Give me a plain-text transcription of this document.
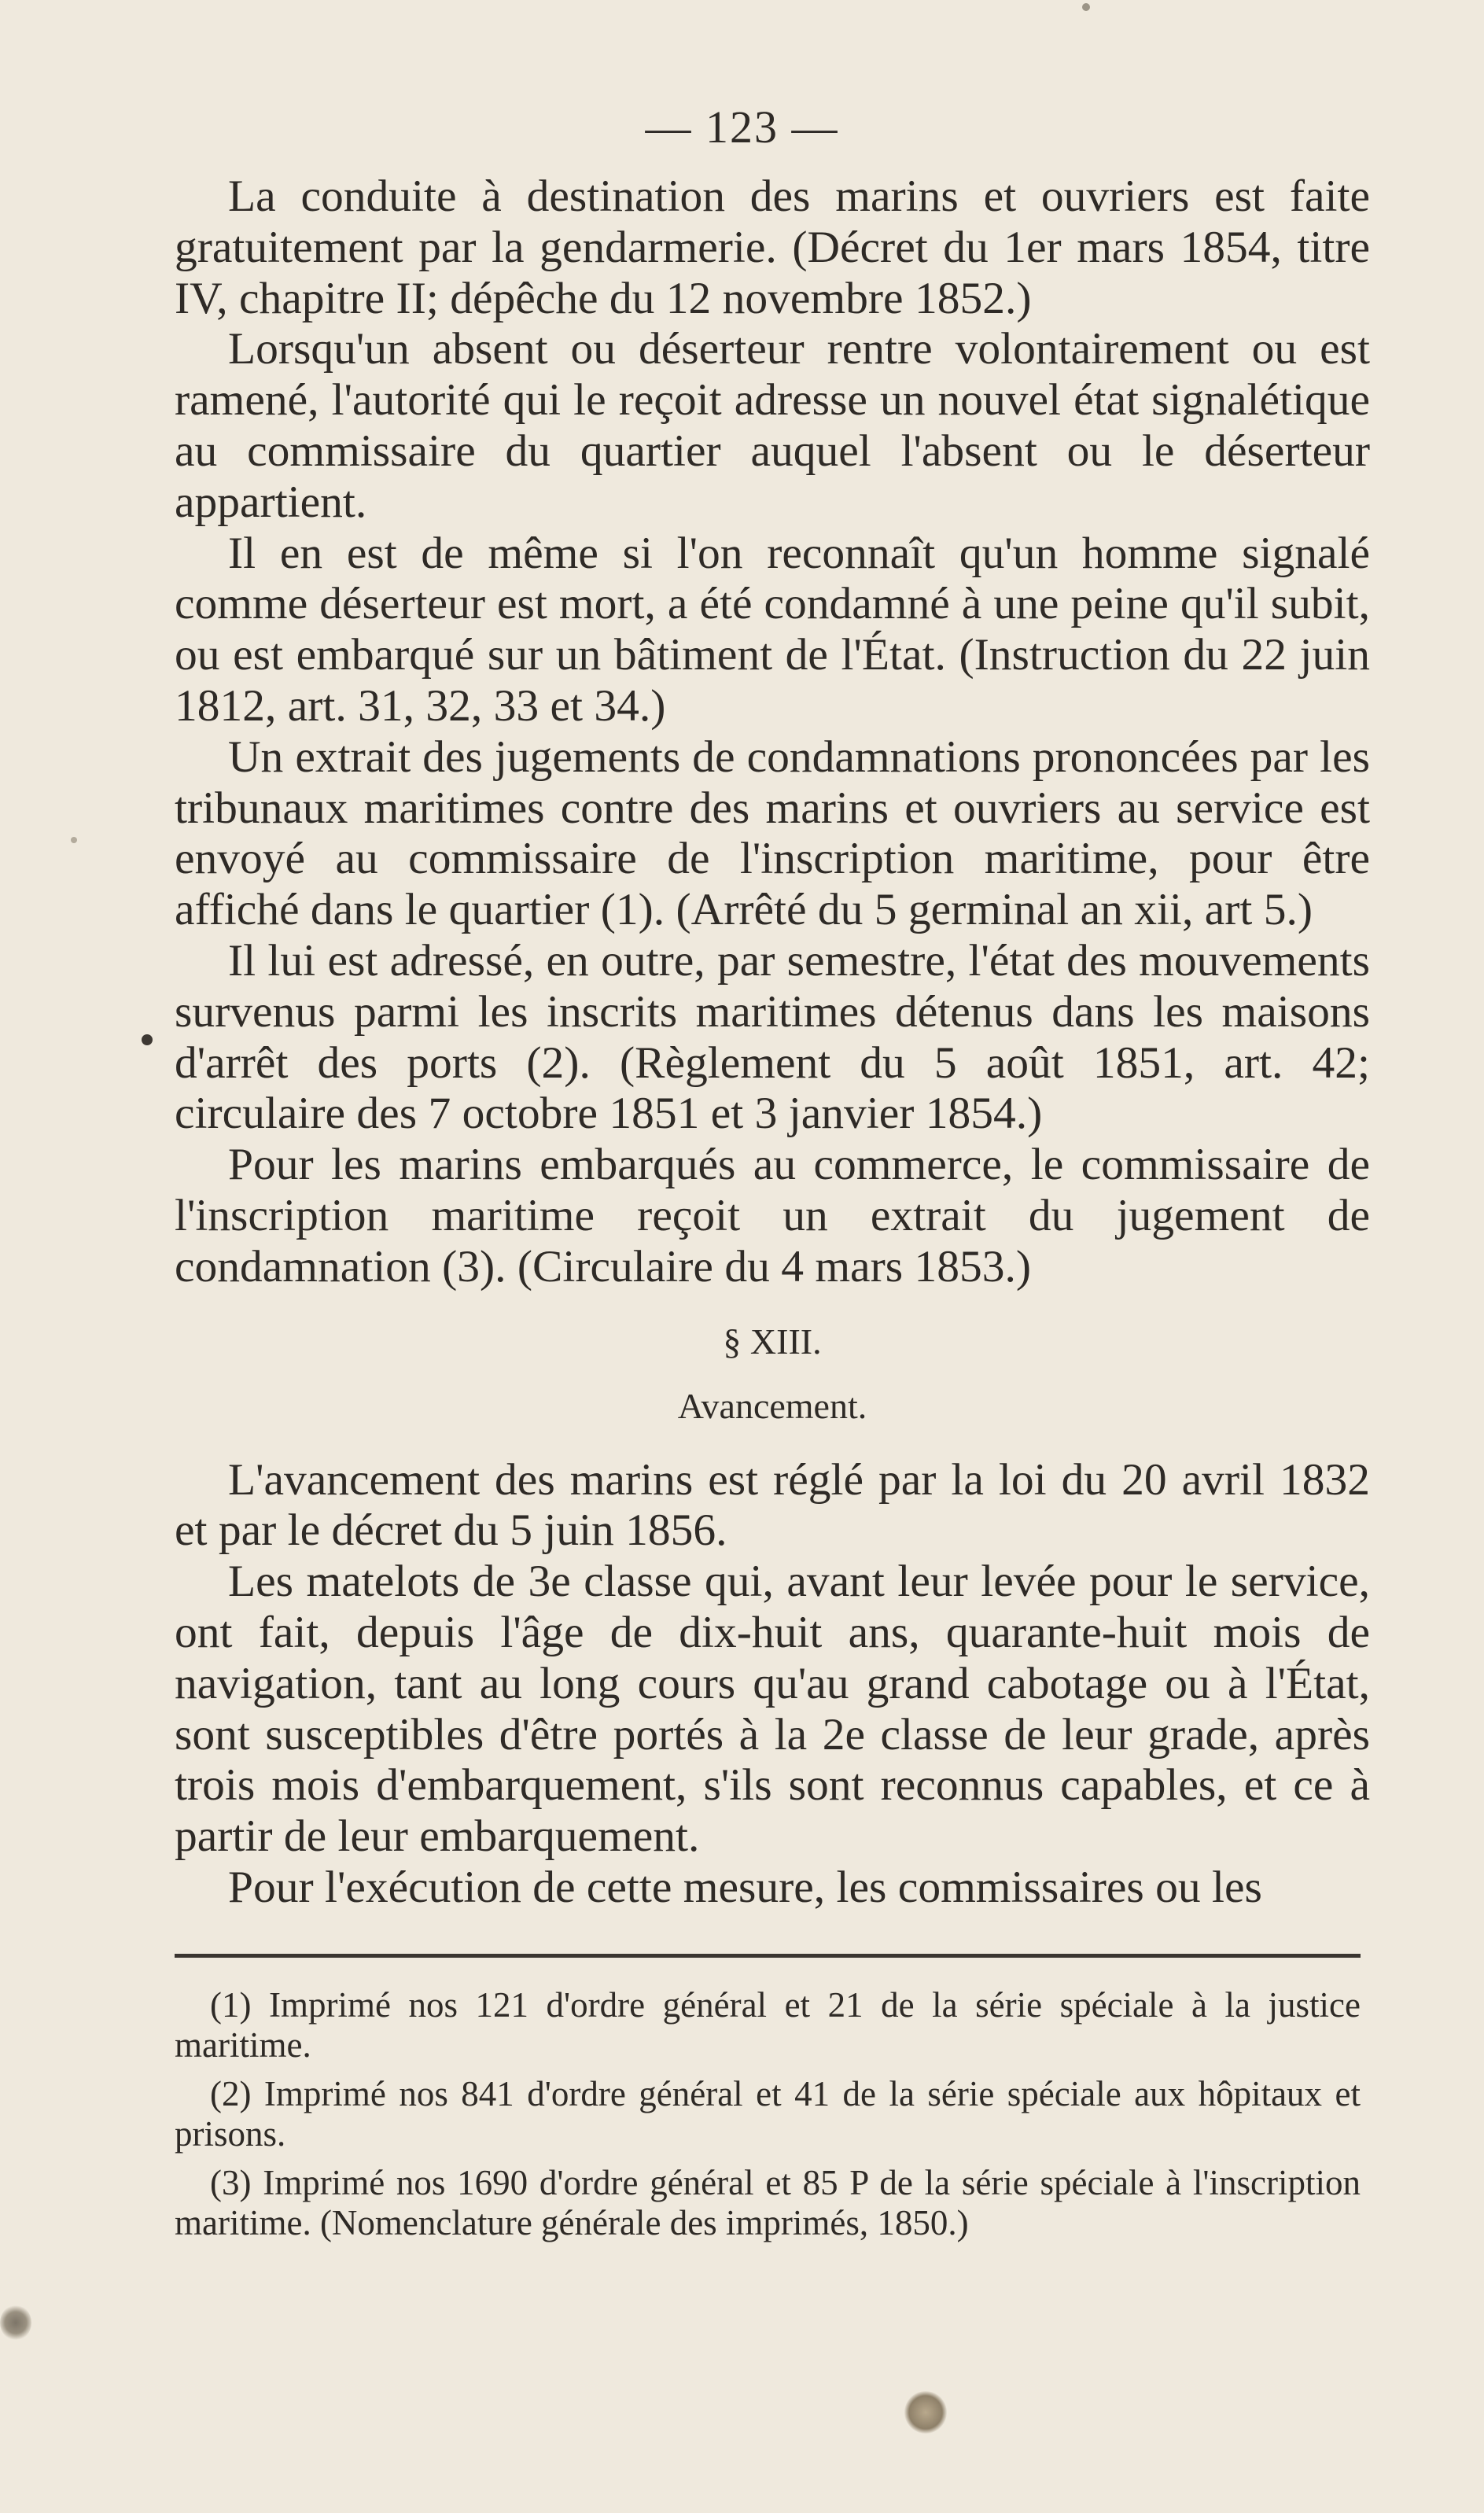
— 123 —

La conduite à destination des marins et ouvriers est faite gratuitement par la gendarmerie. (Décret du 1er mars 1854, titre IV, chapitre II; dépêche du 12 novembre 1852.)

Lorsqu'un absent ou déserteur rentre volontairement ou est ramené, l'autorité qui le reçoit adresse un nouvel état signalétique au commissaire du quartier auquel l'absent ou le déserteur appartient.

Il en est de même si l'on reconnaît qu'un homme signalé comme déserteur est mort, a été condamné à une peine qu'il subit, ou est embarqué sur un bâtiment de l'État. (Instruction du 22 juin 1812, art. 31, 32, 33 et 34.)

Un extrait des jugements de condamnations prononcées par les tribunaux maritimes contre des marins et ouvriers au service est envoyé au commissaire de l'inscription maritime, pour être affiché dans le quartier (1). (Arrêté du 5 germinal an xii, art 5.)

Il lui est adressé, en outre, par semestre, l'état des mouvements survenus parmi les inscrits maritimes détenus dans les maisons d'arrêt des ports (2). (Règlement du 5 août 1851, art. 42; circulaire des 7 octobre 1851 et 3 janvier 1854.)

Pour les marins embarqués au commerce, le commissaire de l'inscription maritime reçoit un extrait du jugement de condamnation (3). (Circulaire du 4 mars 1853.)

§ XIII.

Avancement.

L'avancement des marins est réglé par la loi du 20 avril 1832 et par le décret du 5 juin 1856.

Les matelots de 3e classe qui, avant leur levée pour le service, ont fait, depuis l'âge de dix-huit ans, quarante-huit mois de navigation, tant au long cours qu'au grand cabotage ou à l'État, sont susceptibles d'être portés à la 2e classe de leur grade, après trois mois d'embarquement, s'ils sont reconnus capables, et ce à partir de leur embarquement.

Pour l'exécution de cette mesure, les commissaires ou les

(1) Imprimé nos 121 d'ordre général et 21 de la série spéciale à la justice maritime.

(2) Imprimé nos 841 d'ordre général et 41 de la série spéciale aux hôpitaux et prisons.

(3) Imprimé nos 1690 d'ordre général et 85 P de la série spéciale à l'inscription maritime. (Nomenclature générale des imprimés, 1850.)
